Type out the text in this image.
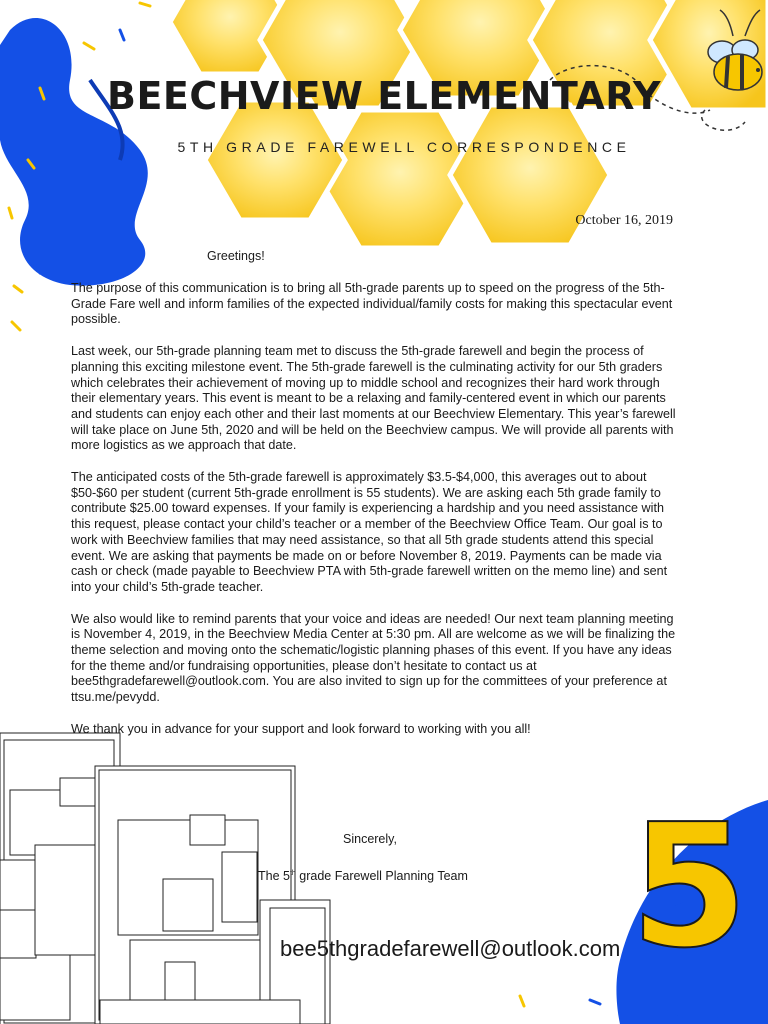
5
BEECHVIEW ELEMENTARY
5TH GRADE FAREWELL CORRESPONDENCE
October 16, 2019
Greetings!

The purpose of this communication is to bring all 5th-grade parents up to speed on the progress of the 5th-Grade Fare well and inform families of the expected individual/family costs for making this spectacular event possible.

Last week, our 5th-grade planning team met to discuss the 5th-grade farewell and begin the process of planning this exciting milestone event. The 5th-grade farewell is the culminating activity for our 5th graders which celebrates their achievement of moving up to middle school and recognizes their hard work through their elementary years. This event is meant to be a relaxing and family-centered event in which our parents and students can enjoy each other and their last moments at our Beechview Elementary. This year’s farewell will take place on June 5th, 2020 and will be held on the Beechview campus. We will provide all parents with more logistics as we approach that date.

The anticipated costs of the 5th-grade farewell is approximately $3.5-$4,000, this averages out to about $50-$60 per student (current 5th-grade enrollment is 55 students). We are asking each 5th grade family to contribute $25.00 toward expenses. If your family is experiencing a hardship and you need assistance with this request, please contact your child’s teacher or a member of the Beechview Office Team. Our goal is to work with Beechview families that may need assistance, so that all 5th grade students attend this special event. We are asking that payments be made on or before November 8, 2019. Payments can be made via cash or check (made payable to Beechview PTA with 5th-grade farewell written on the memo line) and sent into your child’s 5th-grade teacher.

We also would like to remind parents that your voice and ideas are needed! Our next team planning meeting is November 4, 2019, in the Beechview Media Center at 5:30 pm. All are welcome as we will be finalizing the theme selection and moving onto the schematic/logistic planning phases of this event. If you have any ideas for the theme and/or fundraising opportunities, please don’t hesitate to contact us at bee5thgradefarewell@outlook.com. You are also invited to sign up for the committees of your preference at ttsu.me/pevydd.

We thank you in advance for your support and look forward to working with you all!

Sincerely,
The 5th grade Farewell Planning Team
bee5thgradefarewell@outlook.com
